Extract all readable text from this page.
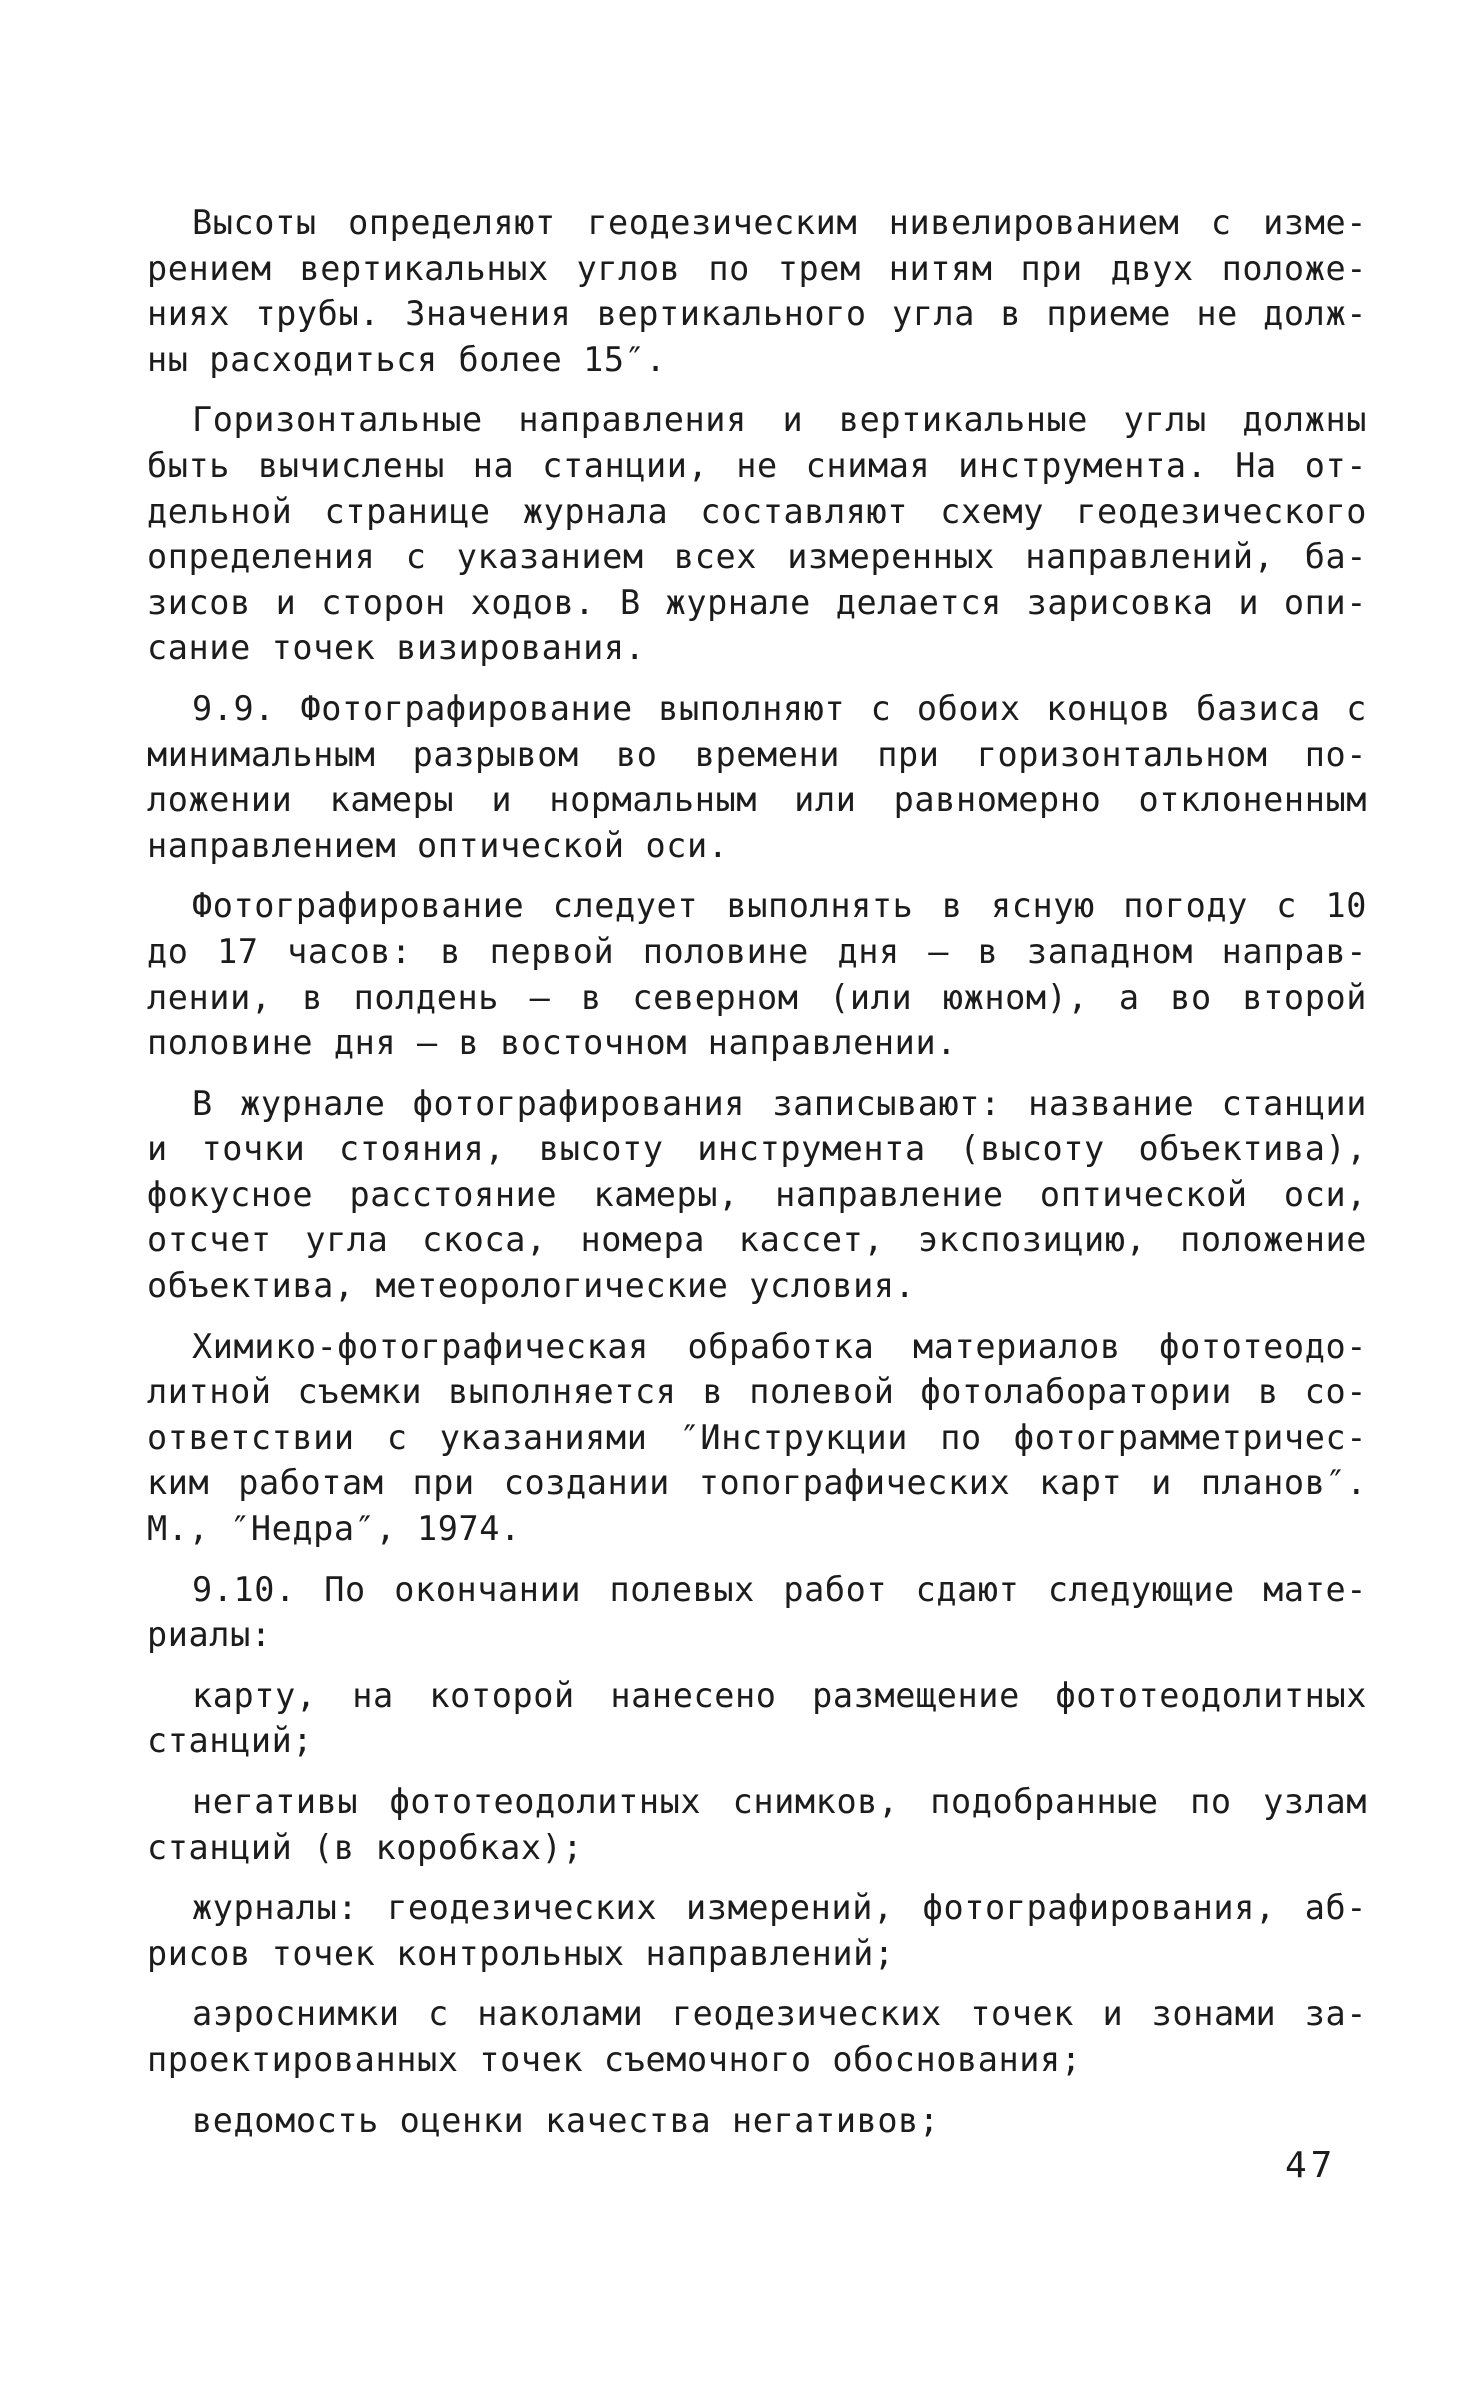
Высоты определяют геодезическим нивелированием с изме-
рением вертикальных углов по трем нитям при двух положе-
ниях трубы. Значения вертикального угла в приеме не долж-
ны расходиться более 15″.
Горизонтальные направления и вертикальные углы должны
быть вычислены на станции, не снимая инструмента. На от-
дельной странице журнала составляют схему геодезического
определения с указанием всех измеренных направлений, ба-
зисов и сторон ходов. В журнале делается зарисовка и опи-
сание точек визирования.
9.9. Фотографирование выполняют с обоих концов базиса с
минимальным разрывом во времени при горизонтальном по-
ложении камеры и нормальным или равномерно отклоненным
направлением оптической оси.
Фотографирование следует выполнять в ясную погоду с 10
до 17 часов: в первой половине дня – в западном направ-
лении, в полдень – в северном (или южном), а во второй
половине дня – в восточном направлении.
В журнале фотографирования записывают: название станции
и точки стояния, высоту инструмента (высоту объектива),
фокусное расстояние камеры, направление оптической оси,
отсчет угла скоса, номера кассет, экспозицию, положение
объектива, метеорологические условия.
Химико-фотографическая обработка материалов фототеодо-
литной съемки выполняется в полевой фотолаборатории в со-
ответствии с указаниями ″Инструкции по фотограмметричес-
ким работам при создании топографических карт и планов″.
М., ″Недра″, 1974.
9.10. По окончании полевых работ сдают следующие мате-
риалы:
карту, на которой нанесено размещение фототеодолитных
станций;
негативы фототеодолитных снимков, подобранные по узлам
станций (в коробках);
журналы: геодезических измерений, фотографирования, аб-
рисов точек контрольных направлений;
аэроснимки с наколами геодезических точек и зонами за-
проектированных точек съемочного обоснования;
ведомость оценки качества негативов;
47
